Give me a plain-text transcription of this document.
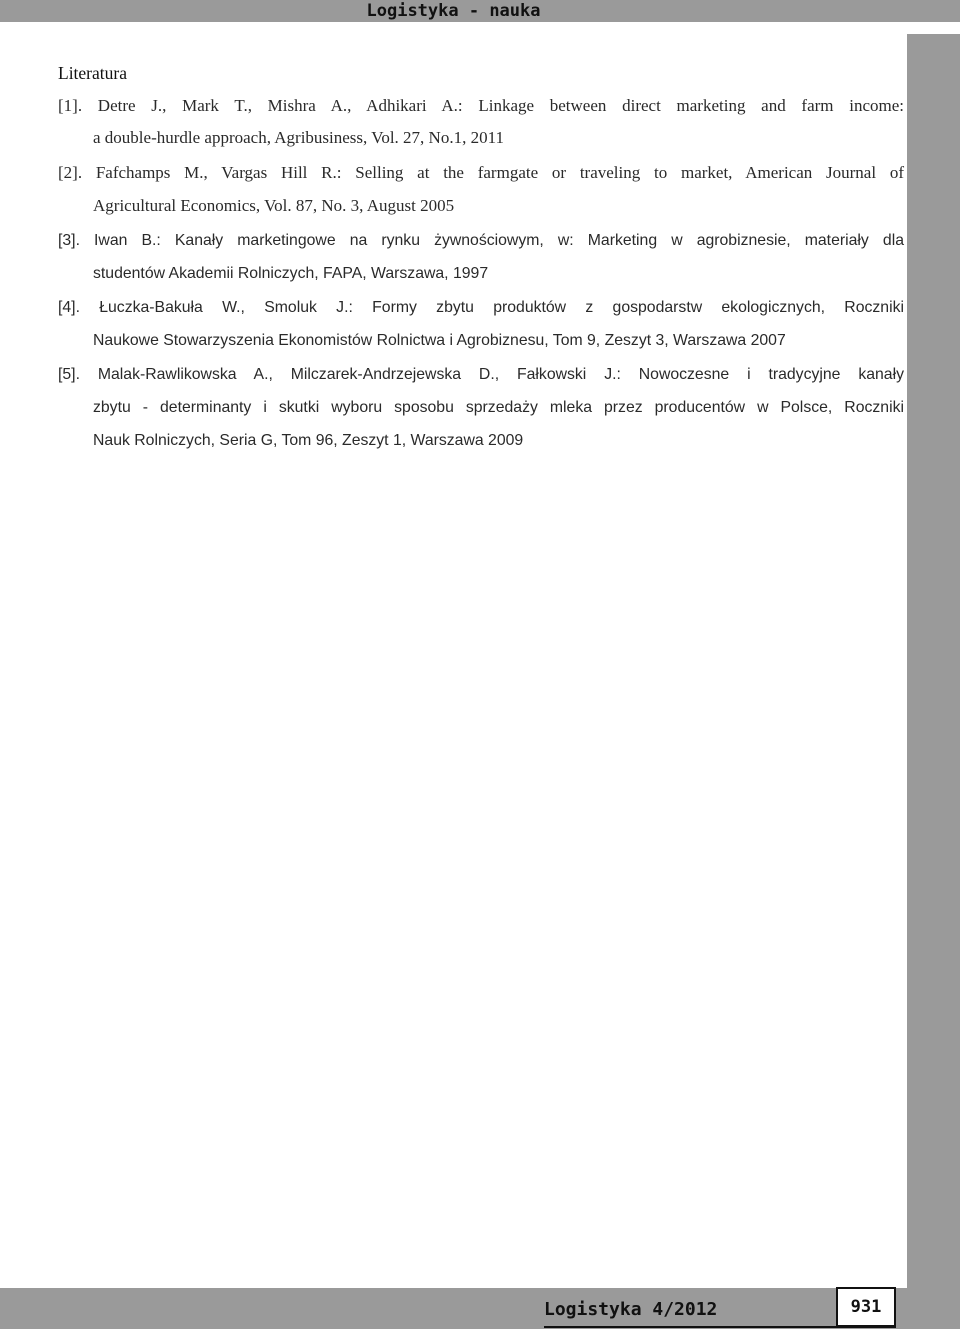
Logistyka - nauka
Literatura
[1]. Detre J., Mark T., Mishra A., Adhikari A.: Linkage between direct marketing and farm income:
a double-hurdle approach, Agribusiness, Vol. 27, No.1, 2011
[2]. Fafchamps M., Vargas Hill R.: Selling at the farmgate or traveling to market, American Journal of
Agricultural Economics, Vol. 87, No. 3, August 2005
[3]. Iwan B.: Kanały marketingowe na rynku żywnościowym, w: Marketing w agrobiznesie, materiały dla
studentów Akademii Rolniczych, FAPA, Warszawa, 1997
[4]. Łuczka-Bakuła W., Smoluk J.: Formy zbytu produktów z gospodarstw ekologicznych, Roczniki
Naukowe Stowarzyszenia Ekonomistów Rolnictwa i Agrobiznesu, Tom 9, Zeszyt 3, Warszawa 2007
[5]. Malak-Rawlikowska A., Milczarek-Andrzejewska D., Fałkowski J.: Nowoczesne i tradycyjne kanały
zbytu - determinanty i skutki wyboru sposobu sprzedaży mleka przez producentów w Polsce, Roczniki
Nauk Rolniczych, Seria G, Tom 96, Zeszyt 1, Warszawa 2009
Logistyka 4/2012	931
